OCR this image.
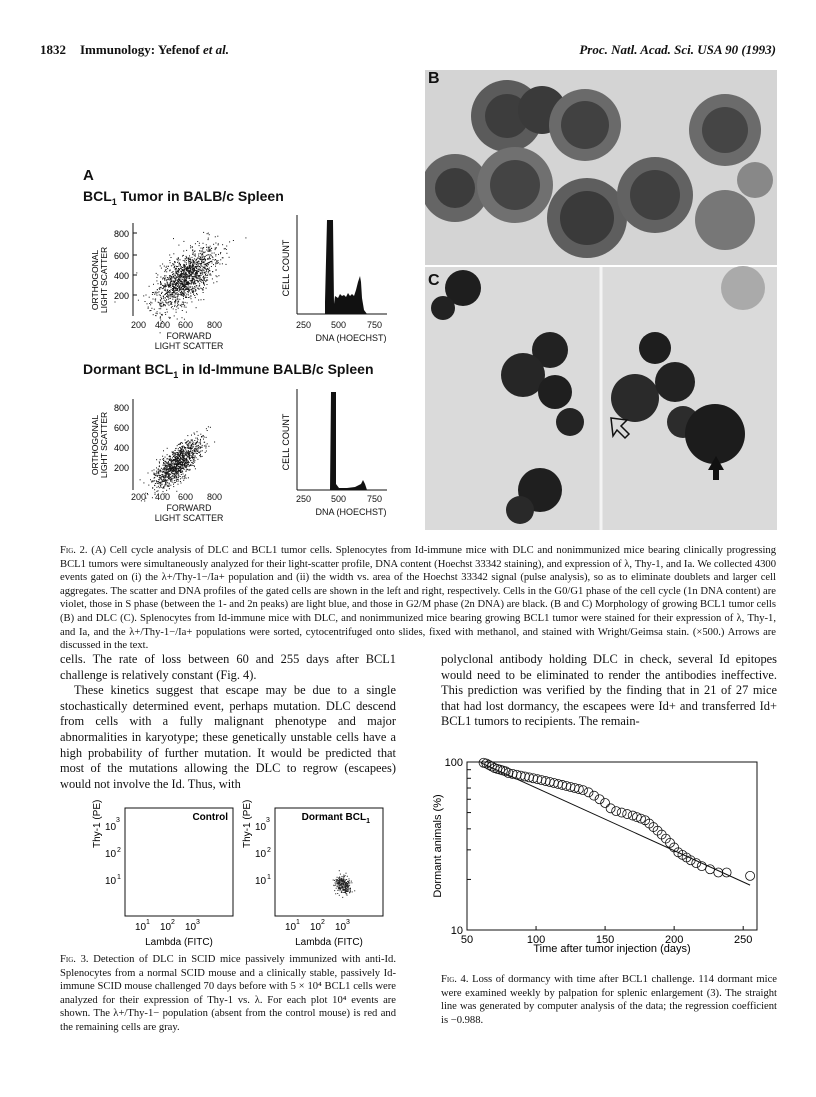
1832 Immunology: Yefenof et al.	Proc. Natl. Acad. Sci. USA 90 (1993)
A
$BCL_1$ Tumor in BALB/c Spleen
ORTHOGONAL LIGHT SCATTER
800
600
400
200
200 400 600 800
FORWARD
LIGHT SCATTER
CELL COUNT
250 500 750
DNA (HOECHST)
Dormant $BCL_1$ in Id-Immune BALB/c Spleen
ORTHOGONAL LIGHT SCATTER
800
600
400
200
200 400 600 800
FORWARD
LIGHT SCATTER
CELL COUNT
250 500 750
DNA (HOECHST)
B
C
Fig. 2. (A) Cell cycle analysis of DLC and BCL1 tumor cells. Splenocytes from Id-immune mice with DLC and nonimmunized mice bearing clinically progressing BCL1 tumors were simultaneously analyzed for their light-scatter profile, DNA content (Hoechst 33342 staining), and expression of λ, Thy-1, and Ia. We collected 4300 events gated on (i) the λ+/Thy-1−/Ia+ population and (ii) the width vs. area of the Hoechst 33342 signal (pulse analysis), so as to eliminate doublets and larger cell aggregates. The scatter and DNA profiles of the gated cells are shown in the left and right, respectively. Cells in the G0/G1 phase of the cell cycle (1n DNA content) are violet, those in S phase (between the 1- and 2n peaks) are light blue, and those in G2/M phase (2n DNA) are black. (B and C) Morphology of growing BCL1 tumor cells (B) and DLC (C). Splenocytes from Id-immune mice with DLC, and nonimmunized mice bearing growing BCL1 tumor were stained for their expression of λ, Thy-1, and Ia, and the λ+/Thy-1−/Ia+ populations were sorted, cytocentrifuged onto slides, fixed with methanol, and stained with Wright/Geimsa stain. (×500.) Arrows are discussed in the text.

cells. The rate of loss between 60 and 255 days after BCL1 challenge is relatively constant (Fig. 4).

These kinetics suggest that escape may be due to a single stochastically determined event, perhaps mutation. DLC descend from cells with a fully malignant phenotype and major abnormalities in karyotype; these genetically unstable cells have a high probability of further mutation. It would be predicted that most of the mutations allowing the DLC to regrow (escapees) would not involve the Id. Thus, with

polyclonal antibody holding DLC in check, several Id epitopes would need to be eliminated to render the antibodies ineffective. This prediction was verified by the finding that in 21 of 27 mice that had lost dormancy, the escapees were Id+ and transferred Id+ BCL1 tumors to recipients. The remain-

Thy-1 (PE)	Control
10
3
10 2
10 1
10 1 10 2 10 3
Lambda (FITC)
Dormant $BCL_1$
10
3
10 2
10 1
10 1 10 2 10 3
Lambda (FITC)
Thy-1 (PE)
Fig. 3. Detection of DLC in SCID mice passively immunized with anti-Id. Splenocytes from a normal SCID mouse and a clinically stable, passively Id-immune SCID mouse challenged 70 days before with 5 × 10⁴ BCL1 cells were analyzed for their expression of Thy-1 vs. λ. For each plot 10⁴ events are shown. The λ+/Thy-1− population (absent from the control mouse) is red and the remaining cells are gray.
50	100	150	200	250
10
100
Dormant animals (%)
Time after tumor injection (days)
Fig. 4. Loss of dormancy with time after BCL1 challenge. 114 dormant mice were examined weekly by palpation for splenic enlargement (3). The straight line was generated by computer analysis of the data; the regression coefficient is −0.988.
